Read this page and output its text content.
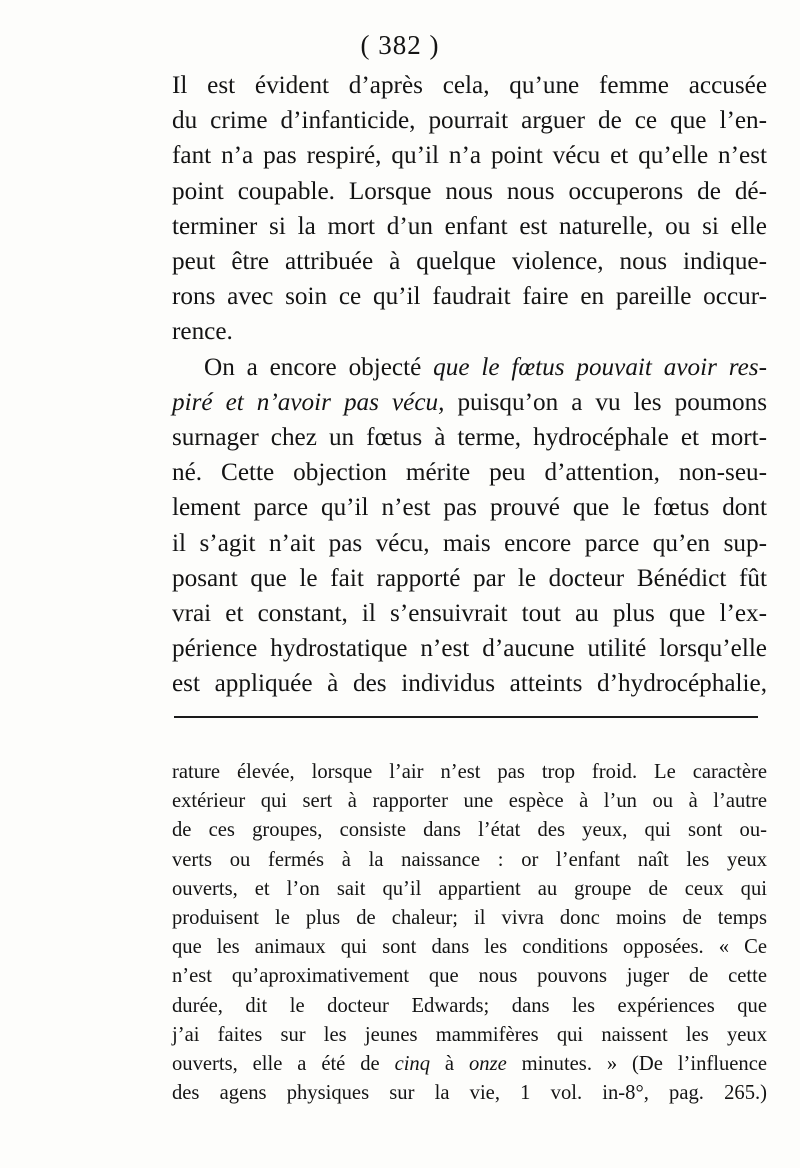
( 382 )
Il est évident d’après cela, qu’une femme accusée
du crime d’infanticide, pourrait arguer de ce que l’en-
fant n’a pas respiré, qu’il n’a point vécu et qu’elle n’est
point coupable. Lorsque nous nous occuperons de dé-
terminer si la mort d’un enfant est naturelle, ou si elle
peut être attribuée à quelque violence, nous indique-
rons avec soin ce qu’il faudrait faire en pareille occur-
rence.
On a encore objecté que le fœtus pouvait avoir res-
piré et n’avoir pas vécu, puisqu’on a vu les poumons
surnager chez un fœtus à terme, hydrocéphale et mort-
né. Cette objection mérite peu d’attention, non-seu-
lement parce qu’il n’est pas prouvé que le fœtus dont
il s’agit n’ait pas vécu, mais encore parce qu’en sup-
posant que le fait rapporté par le docteur Bénédict fût
vrai et constant, il s’ensuivrait tout au plus que l’ex-
périence hydrostatique n’est d’aucune utilité lorsqu’elle
est appliquée à des individus atteints d’hydrocéphalie,
rature élevée, lorsque l’air n’est pas trop froid. Le caractère
extérieur qui sert à rapporter une espèce à l’un ou à l’autre
de ces groupes, consiste dans l’état des yeux, qui sont ou-
verts ou fermés à la naissance : or l’enfant naît les yeux
ouverts, et l’on sait qu’il appartient au groupe de ceux qui
produisent le plus de chaleur; il vivra donc moins de temps
que les animaux qui sont dans les conditions opposées. « Ce
n’est qu’aproximativement que nous pouvons juger de cette
durée, dit le docteur Edwards; dans les expériences que
j’ai faites sur les jeunes mammifères qui naissent les yeux
ouverts, elle a été de cinq à onze minutes. » (De l’influence
des agens physiques sur la vie, 1 vol. in-8°, pag. 265.)
